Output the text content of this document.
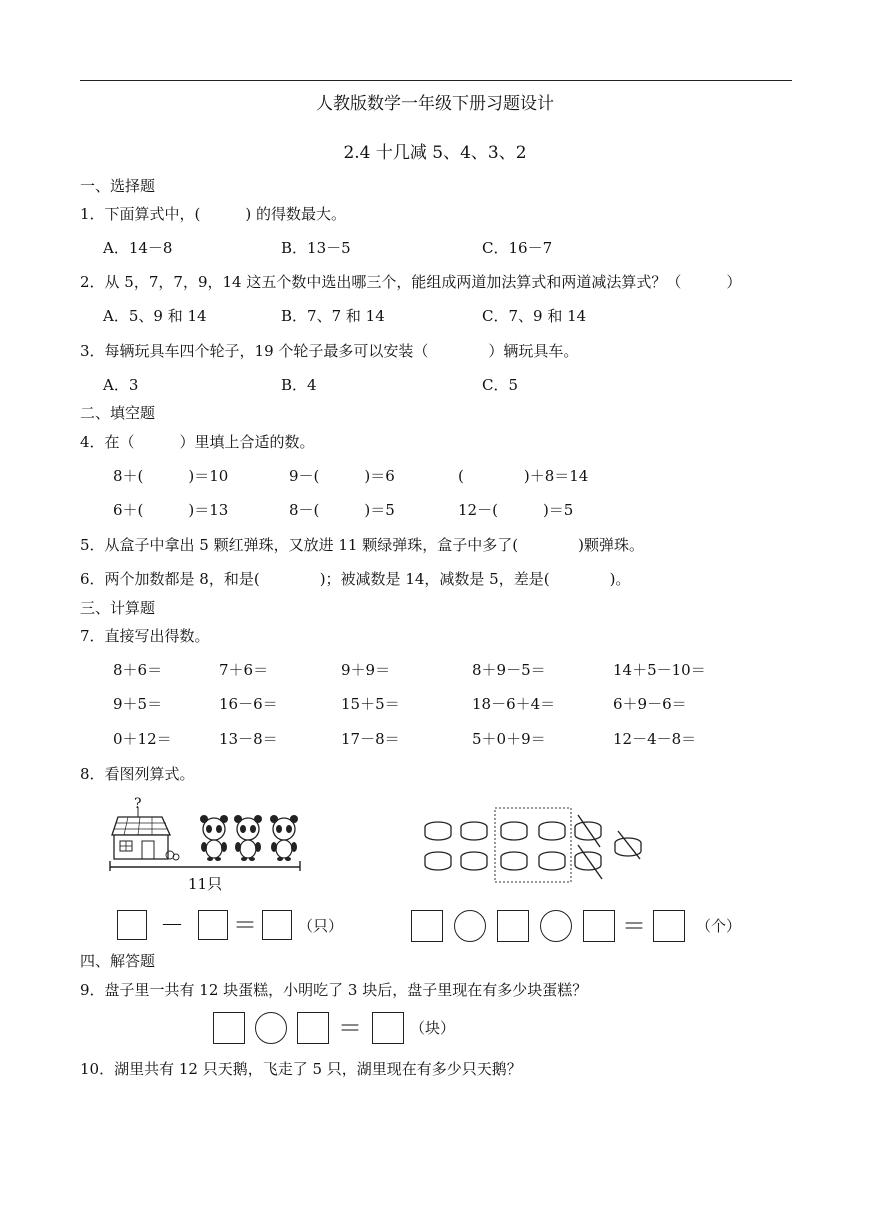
人教版数学一年级下册习题设计
2.4 十几减 5、4、3、2
一、选择题
1．下面算式中，(　　　) 的得数最大。
A．14－8	B．13－5	C．16－7
2．从 5，7，7，9，14 这五个数中选出哪三个，能组成两道加法算式和两道减法算式？（　　　）
A．5、9 和 14	B．7、7 和 14	C．7、9 和 14
3．每辆玩具车四个轮子，19 个轮子最多可以安装（　　　　）辆玩具车。
A．3	B．4	C．5
二、填空题
4．在（　　　）里填上合适的数。
8＋(　　　)＝10	9－(　　　)＝6	(　　　　)＋8＝14
6＋(　　　)＝13	8－(　　　)＝5	12－(　　　)＝5
5．从盒子中拿出 5 颗红弹珠，又放进 11 颗绿弹珠，盒子中多了(　　　　)颗弹珠。
6．两个加数都是 8，和是(　　　　)；被减数是 14，减数是 5，差是(　　　　)。
三、计算题
7．直接写出得数。
8＋6＝	7＋6＝	9＋9＝	8＋9－5＝	14＋5－10＝
9＋5＝	16－6＝	15＋5＝	18－6＋4＝	6＋9－6＝
0＋12＝	13－8＝	17－8＝	5＋0＋9＝	12－4－8＝
8．看图列算式。
?
11只
－ ＝	（只）	＝	（个）
四、解答题
9．盘子里一共有 12 块蛋糕，小明吃了 3 块后，盘子里现在有多少块蛋糕？
＝	（块）
10．湖里共有 12 只天鹅，飞走了 5 只，湖里现在有多少只天鹅？
